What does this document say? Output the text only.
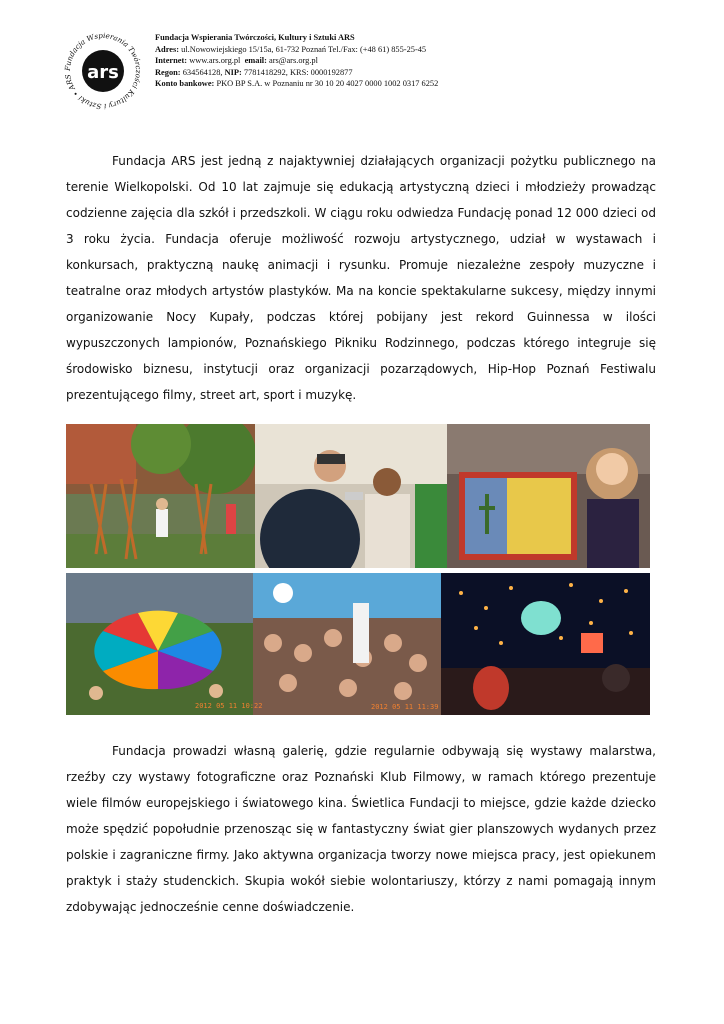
Fundacja Wspierania Twórczości Kultury i Sztuki • ARS ars
Fundacja Wspierania Twórczości, Kultury i Sztuki ARS
Adres: ul.Nowowiejskiego 15/15a, 61-732 Poznań Tel./Fax: (+48 61) 855-25-45
Internet: www.ars.org.pl email: ars@ars.org.pl
Regon: 634564128, NIP: 7781418292, KRS: 0000192877
Konto bankowe: PKO BP S.A. w Poznaniu nr 30 10 20 4027 0000 1002 0317 6252

Fundacja ARS jest jedną z najaktywniej działających organizacji pożytku publicznego na terenie Wielkopolski. Od 10 lat zajmuje się edukacją artystyczną dzieci i młodzieży prowadząc codzienne zajęcia dla szkół i przedszkoli. W ciągu roku odwiedza Fundację ponad 12 000 dzieci od 3 roku życia. Fundacja oferuje możliwość rozwoju artystycznego, udział w wystawach i konkursach, praktyczną naukę animacji i rysunku. Promuje niezależne zespoły muzyczne i teatralne oraz młodych artystów plastyków. Ma na koncie spektakularne sukcesy, między innymi organizowanie Nocy Kupały, podczas której pobijany jest rekord Guinnessa w ilości wypuszczonych lampionów, Poznańskiego Pikniku Rodzinnego, podczas którego integruje się środowisko biznesu, instytucji oraz organizacji pozarządowych, Hip-Hop Poznań Festiwalu prezentującego filmy, street art, sport i muzykę.

2012 05 11 11:39
2012 05 11 10:22

Fundacja prowadzi własną galerię, gdzie regularnie odbywają się wystawy malarstwa, rzeźby czy wystawy fotograficzne oraz Poznański Klub Filmowy, w ramach którego prezentuje wiele filmów europejskiego i światowego kina. Świetlica Fundacji to miejsce, gdzie każde dziecko może spędzić popołudnie przenosząc się w fantastyczny świat gier planszowych wydanych przez polskie i zagraniczne firmy. Jako aktywna organizacja tworzy nowe miejsca pracy, jest opiekunem praktyk i staży studenckich. Skupia wokół siebie wolontariuszy, którzy z nami pomagają innym zdobywając jednocześnie cenne doświadczenie.
